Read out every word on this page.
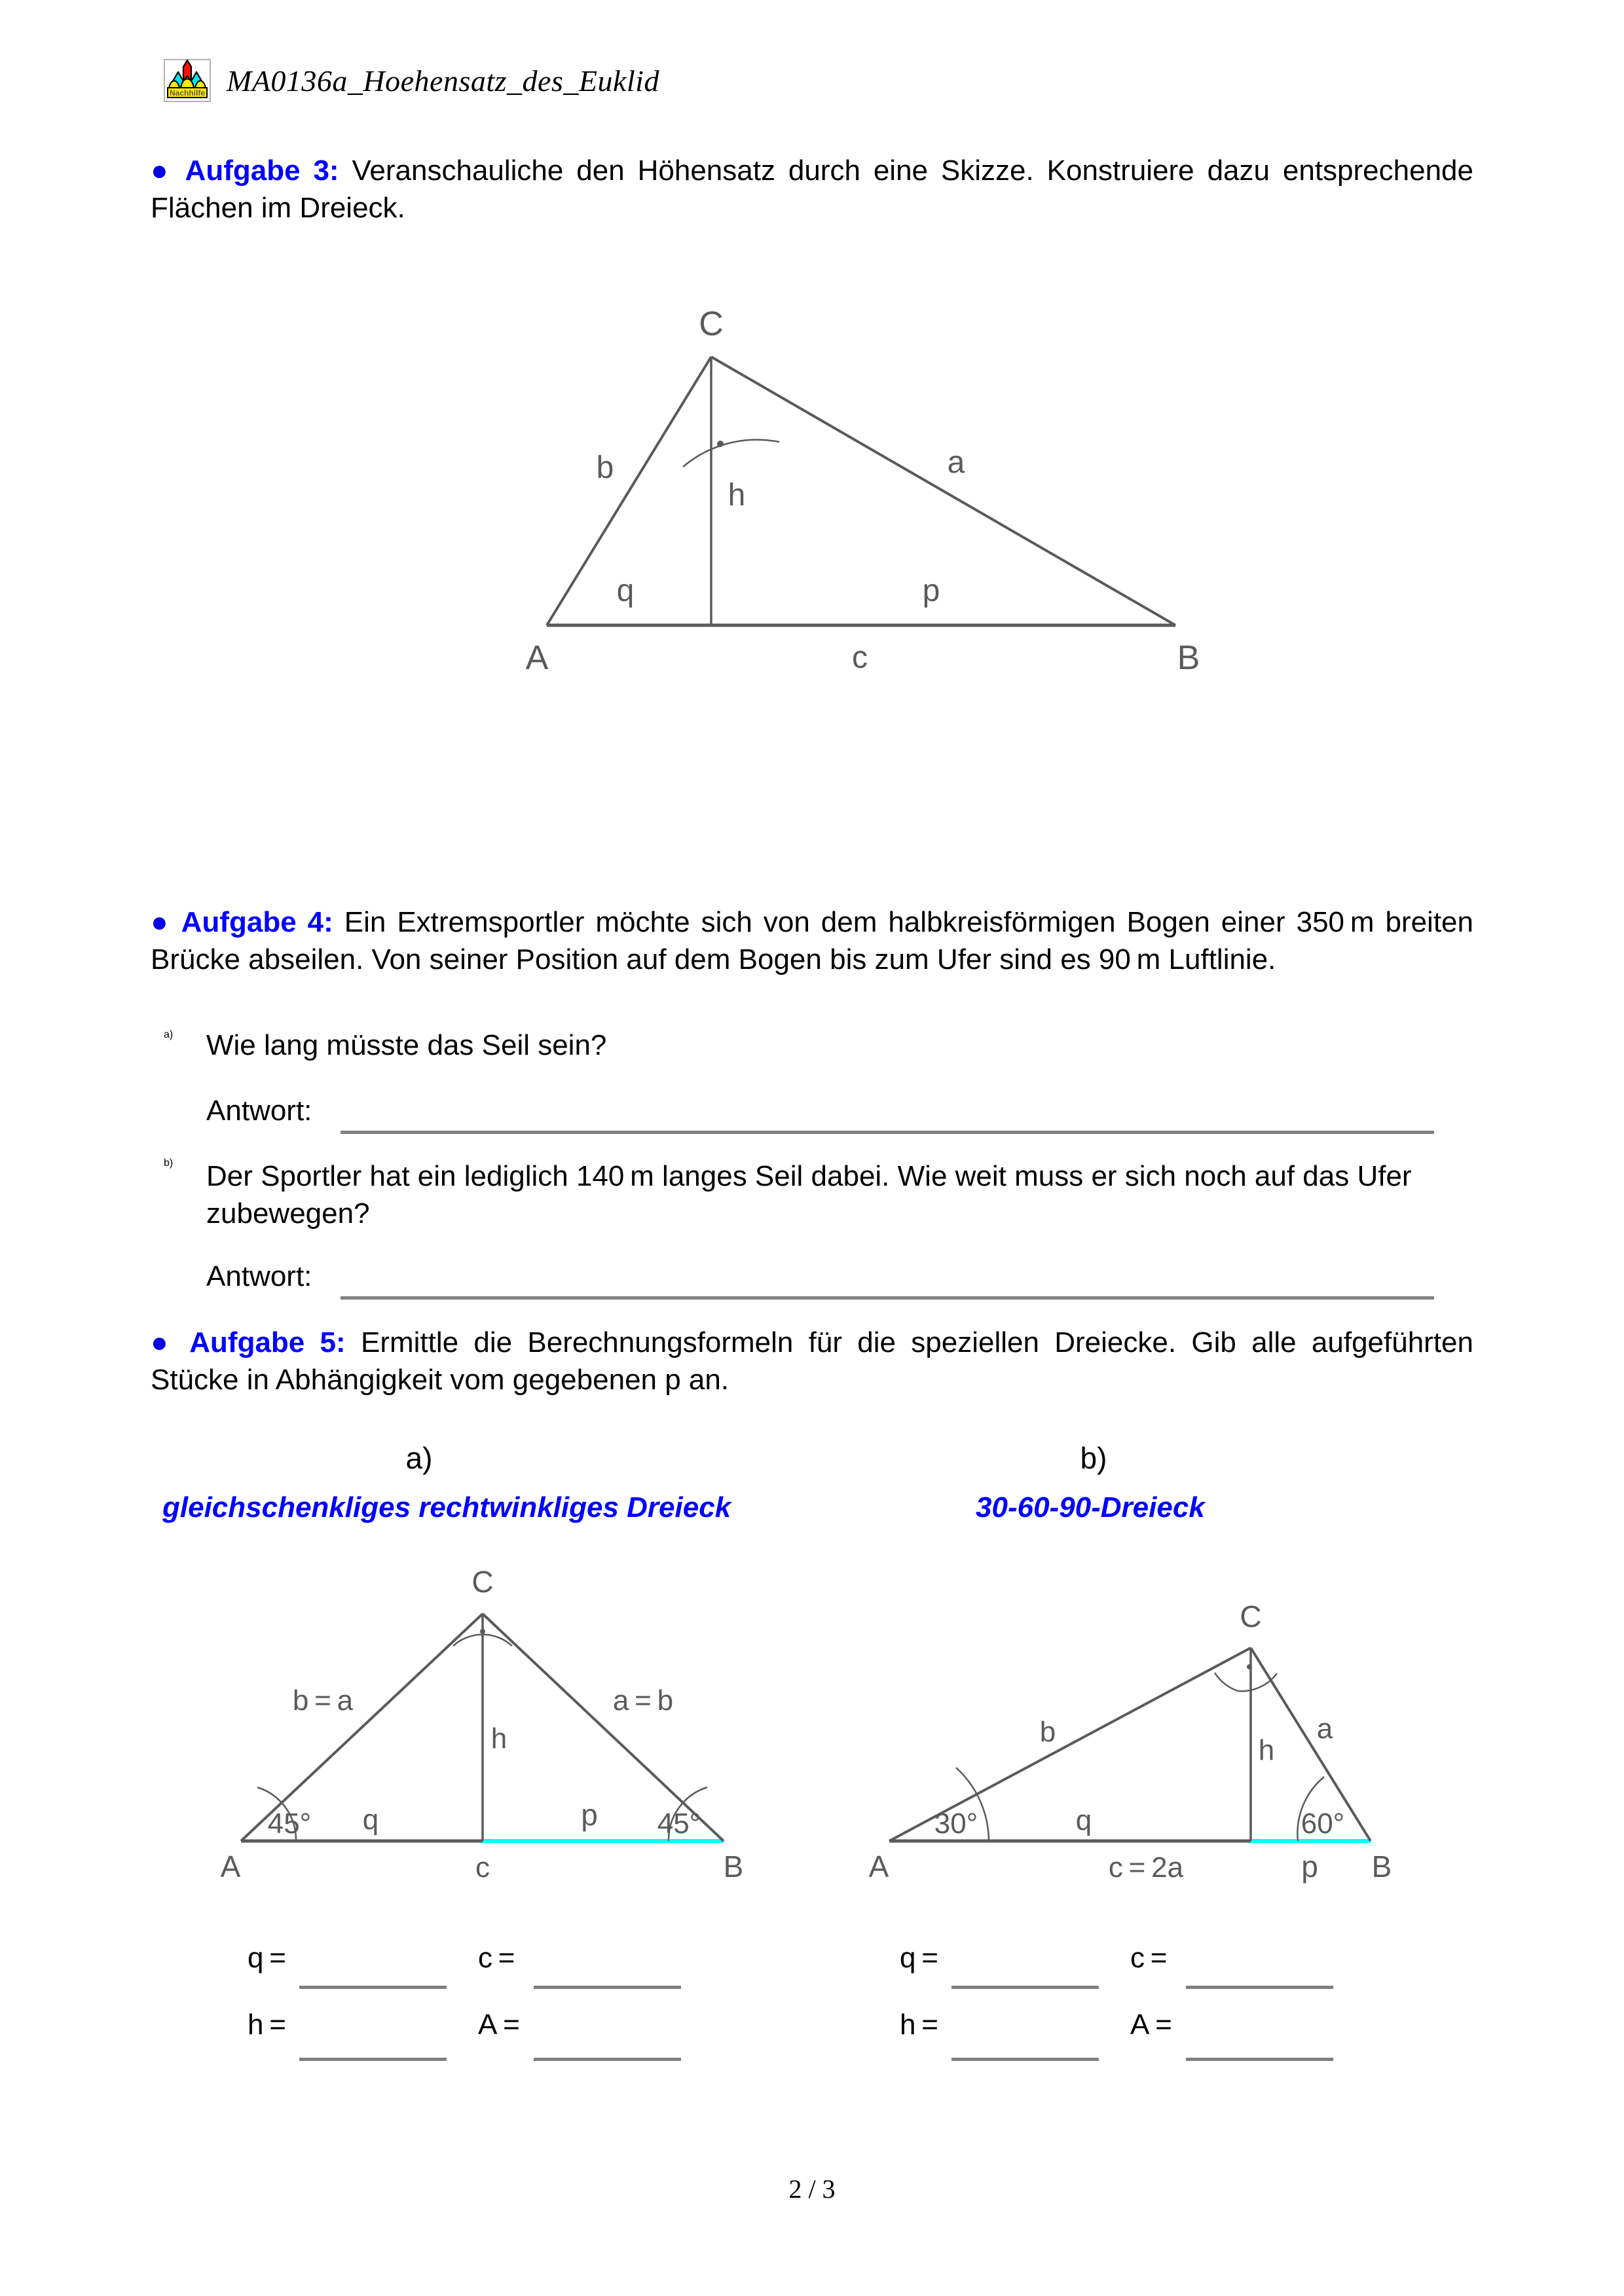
Nachhilfe MA0136a_Hoehensatz_des_Euklid
● Aufgabe 3: Veranschauliche den Höhensatz durch eine Skizze. Konstruiere dazu entsprechende Flächen im Dreieck.
C
A	B
b	a
h
q	p
c
● Aufgabe 4: Ein Extremsportler möchte sich von dem halbkreisförmigen Bogen einer 350 m breiten Brücke abseilen. Von seiner Position auf dem Bogen bis zum Ufer sind es 90 m Luftlinie.
a) Wie lang müsste das Seil sein?
Antwort:
b) Der Sportler hat ein lediglich 140 m langes Seil dabei. Wie weit muss er sich noch auf das Ufer zubewegen?
Antwort:
● Aufgabe 5: Ermittle die Berechnungsformeln für die speziellen Dreiecke. Gib alle aufgeführten Stücke in Abhängigkeit vom gegebenen p an.
a)	b)
gleichschenkliges rechtwinkliges Dreieck	30-60-90-Dreieck
C
A	B
b = a	a = b
h
q	p
c
45°	45°
C
A	B
b	a
h
q
p
c = 2a
30°	60°
q =	c =
h =	A =
q =	c =
h =	A =
2 / 3
